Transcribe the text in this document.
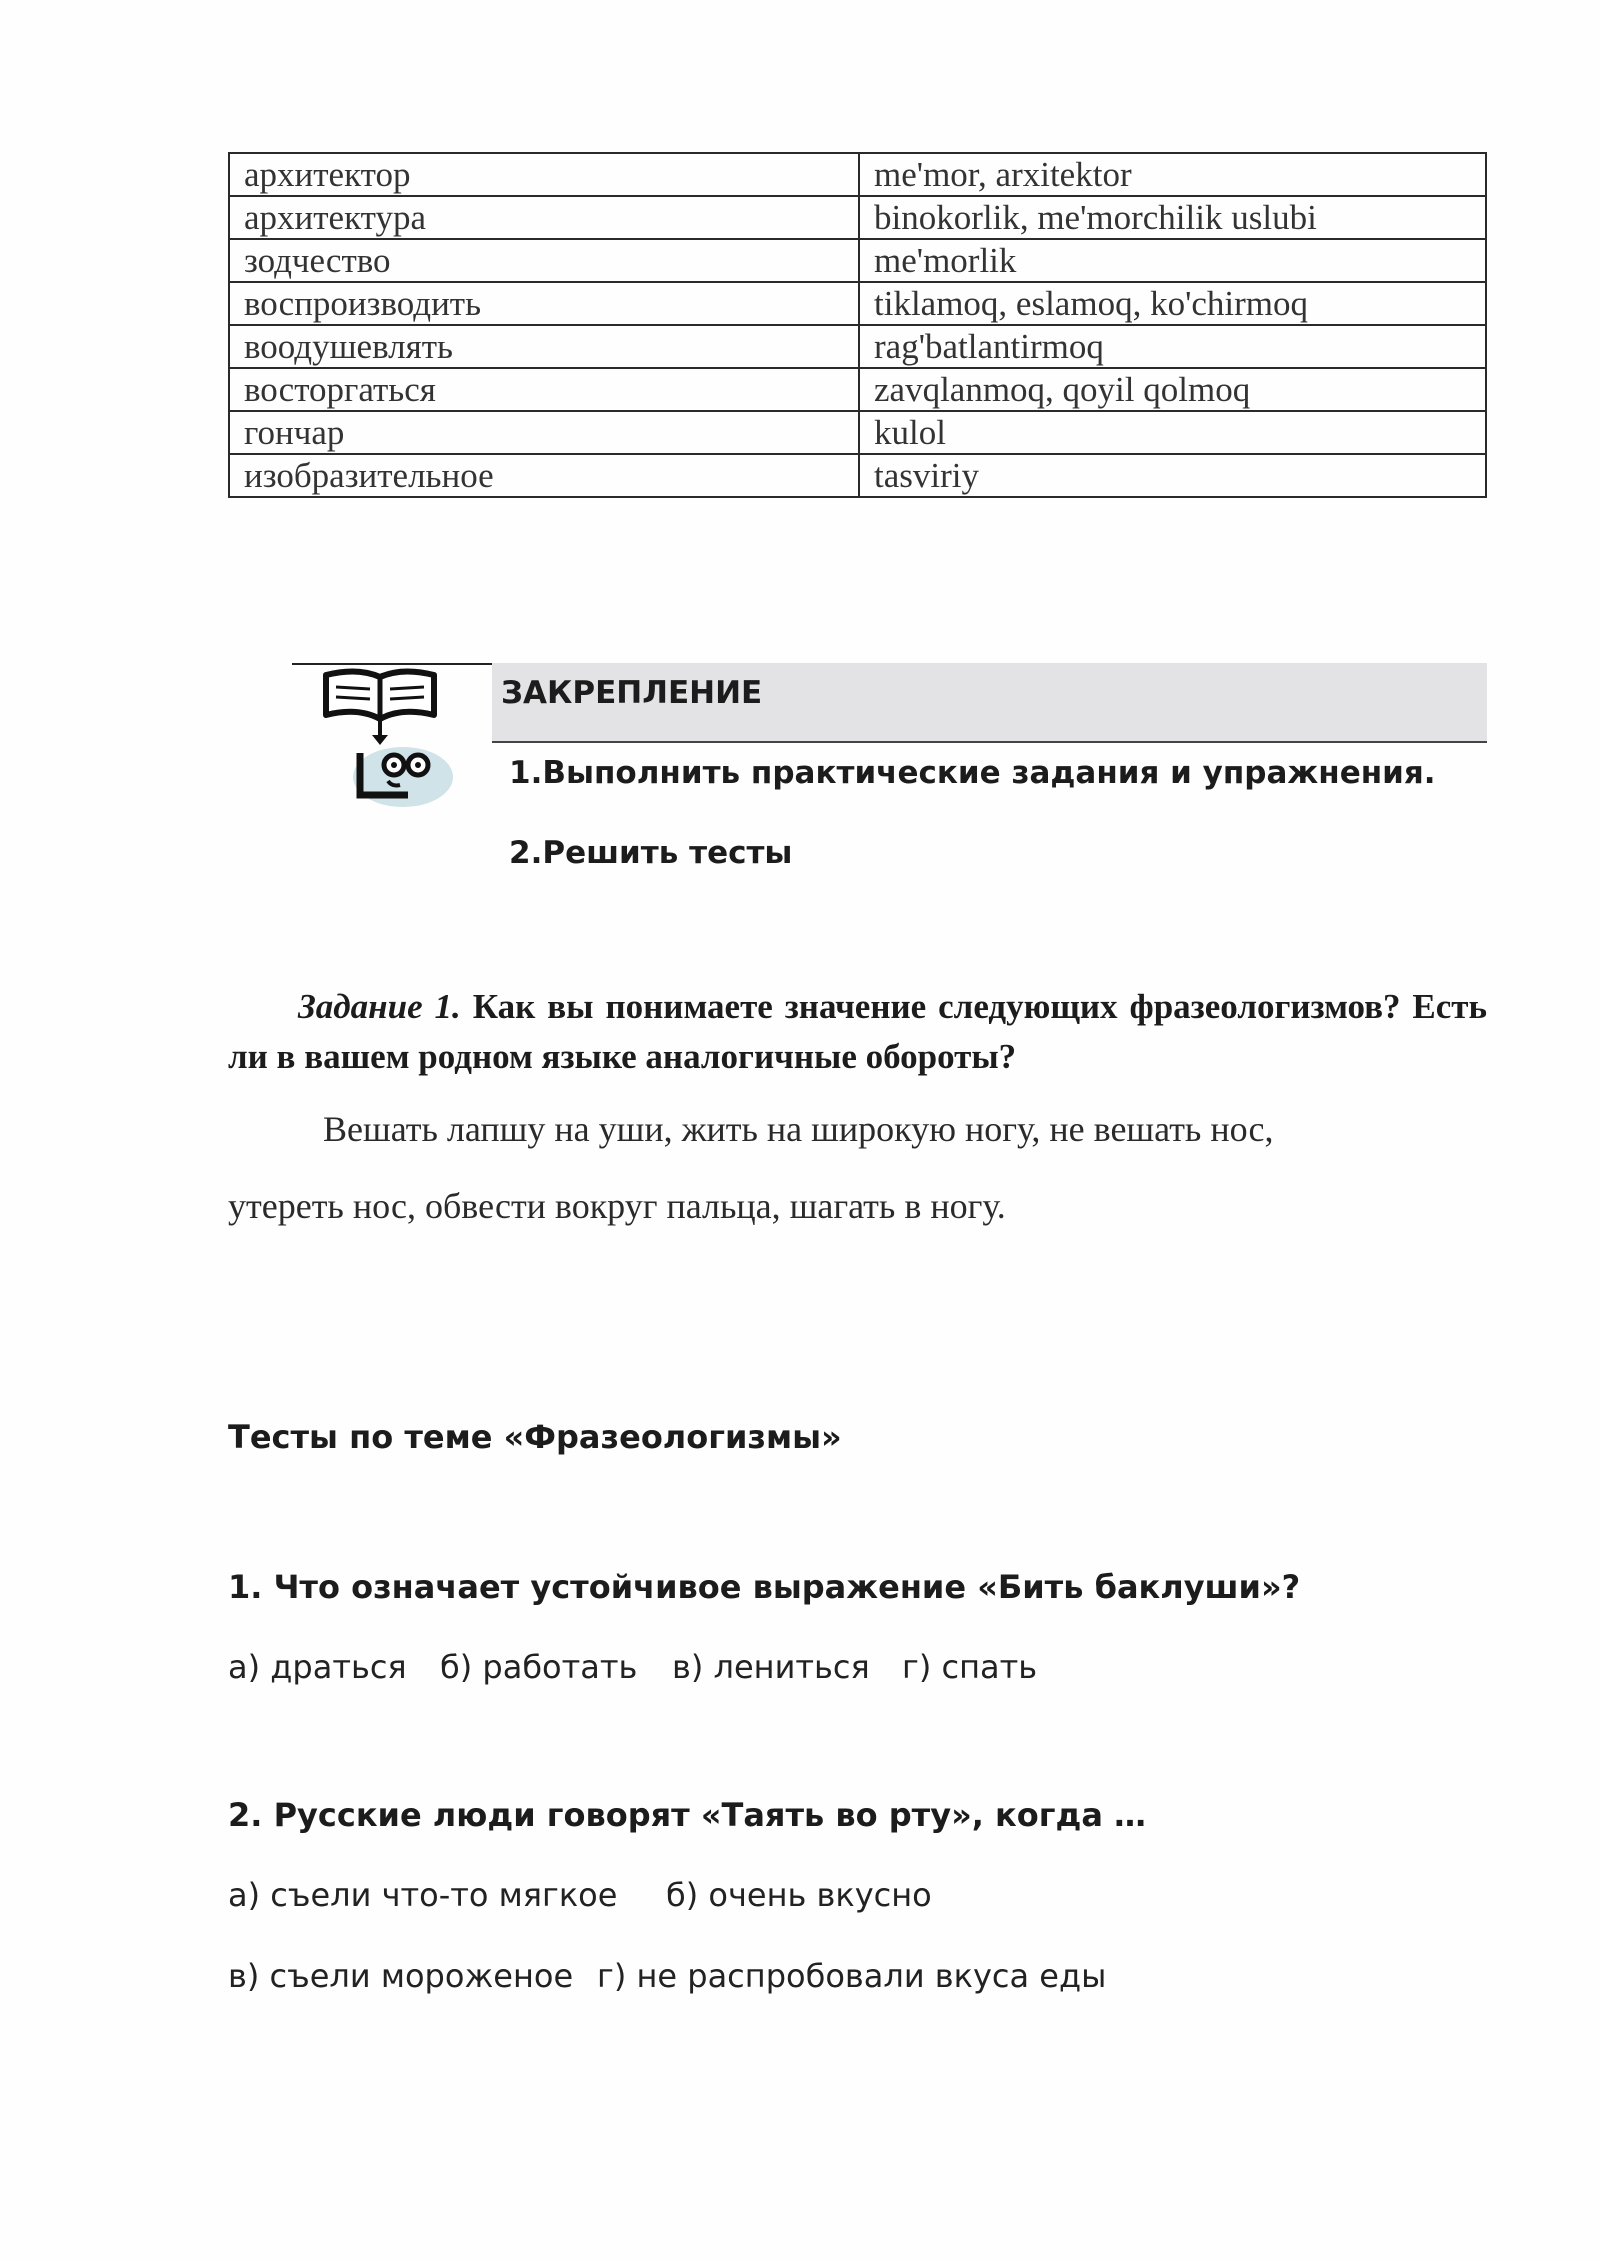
архитектор	me'mor, arxitektor
архитектура	binokorlik, me'morchilik uslubi
зодчество	me'morlik
воспроизводить	tiklamoq, eslamoq, ko'chirmoq
воодушевлять	rag'batlantirmoq
восторгаться	zavqlanmoq, qoyil qolmoq
гончар	kulol
изобразительное	tasviriy
ЗАКРЕПЛЕНИЕ
1.Выполнить практические задания и упражнения.
2.Решить тесты
Задание 1. Как вы понимаете значение следующих фразеологизмов? Есть ли в вашем родном языке аналогичные обороты?
Вешать лапшу на уши, жить на широкую ногу, не вешать нос,
утереть нос, обвести вокруг пальца, шагать в ногу.
Тесты по теме «Фразеологизмы»
1. Что означает устойчивое выражение «Бить баклуши»?
а) драться б) работать в) лениться г) спать
2. Русские люди говорят «Таять во рту», когда …
а) съели что-то мягкое б) очень вкусно
в) съели мороженое г) не распробовали вкуса еды
